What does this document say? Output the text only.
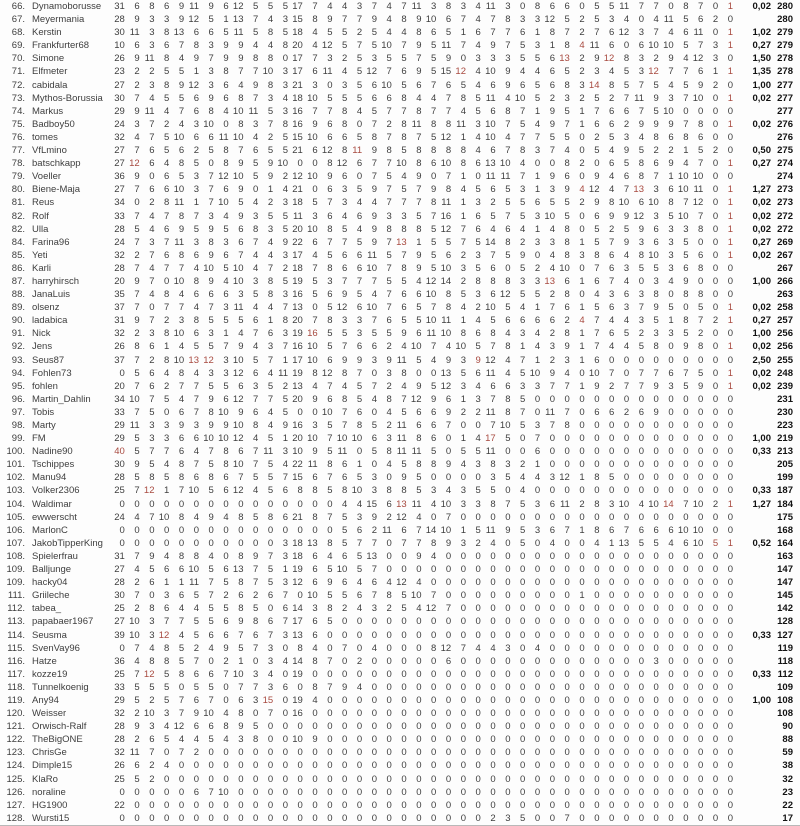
66. Dynamoborusse	31	6	8	6	9 11	9	6 12	5	5	5 17	7	4	4	3	7	4	7 11	3	8	3	4 11	3	0	8	6	6	0	5	5 11	7	7	0	8	7	0	1	0,02 280
67. Meyermania	28	9	3	3	9 12	5	1 13	7	4	3 15	8	9	7	7	9	4	8	9 10	6	7	4	7	8	3	3 12	5	2	5	3	4	0	4 11	5	6	2	0	280
68. Kerstin	30 11	3	8 13	6	6	5 11	5	8	5 18	4	5	5	2	5	4	4	8	6	5	1	6	7	7	6	1	8	7	2	7	6 12	3	7	4	6 11	0	1	1,02 279
69. Frankfurter68	10	6	3	6	7	8	3	9	9	4	4	8 20	4 12	5	7	5 10	7	9	5 11	7	4	9	7	5	3	1	8	4 11	6	0	6 10 10	5	7	3	1	0,27 279
70. Simone	26	9 11	8	4	9	7	9	9	8	8	0 17	7	3	2	5	3	5	5	7	5	9	0	3	3	3	5	5	6 13	2	9 12	8	3	2	9	4 12	3	0	1,50 278
71. Elfmeter	23	2	2	5	5	1	3	8	7	7 10	3 17	6 11	4	5 12	7	6	9	5 15 12	4 10	9	4	4	6	5	2	3	4	5	3 12	7	7	6	1	1	1,35 278
72. cabidala	27	2	3	8	9 12	3	6	4	9	8	3 21	3	0	3	5	6 10	5	6	7	6	5	4	6	9	6	5	6	8	3 14	8	5	7	5	4	5	9	2	0	1,00 277
73. Mythos-Borussia	30	7	4	5	5	6	9	6	8	7	3	4 18 10	5	5	5	6	6	8	4	4	7	8	5 11	4 10	5	2	3	2	5	2	7 11	9	3	7 10	0	1	0,02 277
74. Markus	29	9 11	4	7	6	8	4 10 11	5	3 16	7	7	8	4	5	7	7	8	7	7	4	5	6	8	7	1	9	5	1	7	6	6	7	5 10	0	0	0	0	277
75. Badboy50	24	3	7	2	4	3 10	0	8	3	7	8 16	9	6	8	0	7	2	8 11	8	8 11	3 10	7	5	4	9	7	1	6	6	2	9	9	9	7	8	0	1	0,02 276
76. tomes	32	4	7	5 10	6	6 11 10	4	2	5 15 10	6	6	5	8	7	8	7	5 12	1	4 10	4	7	7	5	5	0	2	5	3	4	8	6	8	6	0	0	276
77. VfLmino	27	7	6	5	6	2	5	8	7	6	5	5 21	6 12	8 11	9	8	5	8	8	8	8	4	6	7	8	3	7	4	0	5	4	9	5	2	2	1	5	2	0	0,50 275
78. batschkapp	27 12	6	4	8	5	0	8	9	5	9 10	0	0	8 12	6	7	7 10	8	6 10	8	6 13 10	4	0	0	8	2	0	6	5	8	6	9	4	7	0	1	0,27 274
79. Voeller	36	9	0	6	5	3	7 12 10	5	9	2 12 10	9	6	0	7	5	4	9	0	7	1	0 11 11	7	1	9	6	0	9	4	6	8	7	1 10 10	0	0	274
80. Biene-Maja	27	7	6	6 10	3	7	6	9	0	1	4 21	0	6	3	5	9	7	5	7	9	8	4	5	6	5	3	1	3	9	4 12	4	7 13	3	6 10 11	0	1	1,27 273
81. Reus	34	0	2	8 11	1	7 10	5	4	2	3 18	5	7	3	4	4	7	7	7	8 11	1	3	2	5	5	6	5	5	2	9	8 10	6 10	8	7 12	0	1	0,02 273
82. Rolf	33	7	4	7	8	7	3	4	9	3	5	5 11	3	6	4	6	9	3	3	5	7 16	1	6	5	7	5	3 10	5	0	6	9	9 12	3	5 10	7	0	1	0,02 272
82. Ulla	28	5	4	6	9	5	9	5	6	8	3	5 20 10	8	5	4	9	8	8	8	5 12	7	6	4	6	4	1	4	8	0	5	2	5	9	6	3	3	8	0	1	0,02 272
84. Farina96	24	7	3	7 11	3	8	3	6	7	4	9 22	6	7	7	5	9	7 13	1	5	5	7	5 14	8	2	3	3	8	1	5	7	9	3	6	3	5	0	0	1	0,27 269
85. Yeti	32	2	7	6	8	6	9	6	7	4	4	3 17	4	5	6	6 11	5	7	9	5	6	2	3	7	5	9	0	4	8	3	8	6	4	8 10	3	5	6	0	1	0,02 267
86. Karli	28	7	4	7	7	4 10	5 10	4	7	2 18	7	8	6	6 10	7	8	9	5 10	3	5	6	0	5	2	4 10	0	7	6	3	5	5	3	6	8	0	0	267
87. harryhirsch	20	9	7	0 10	8	9	4 10	3	8	5 19	5	3	7	7	7	5	5	4 12 14	2	8	8	8	3	3 13	6	1	6	7	4	0	3	4	9	0	0	0	1,00 266
88. JanaLuis	35	7	4	8	4	6	6	6	3	5	8	3 16	5	6	9	5	4	7	6	6 10	8	5	3	6 12	5	5	2	8	0	4	3	6	3	8	0	8	8	0	0	263
89. olsenz	37	7	0	7	7	4	7	3 11	4	4	7 13	0	5 12	6 10	7	6	5	7	8	4	2 10	5	4	1	7	6	1	5	6	3	7	9	5	0	5	0	1	0,02 258
90. ladabica	31	9	7	2	3	8	5	5	5	6	1	8 20	7	8	3	3	7	6	5	5 10 11	1	4	5	6	6	6	6	2	4	7	4	4	3	5	1	8	7	2	1	0,27 257
91. Nick	32	2	3	8 10	6	3	1	4	7	6	3 19 16	5	5	3	5	5	9	6 11 10	8	6	8	4	3	4	2	8	1	7	6	5	2	3	3	5	2	0	0	1,00 256
92. Jens	26	8	6	1	4	5	5	7	9	4	3	7 16 10	5	7	6	6	2	4 10	7	4 10	5	7	8	1	4	3	9	1	7	4	4	5	8	0	9	8	0	1	0,02 256
93. Seus87	37	7	2	8 10 13 12	3 10	5	7	1 17 10	6	9	9	3	9 11	5	4	9	3	9 12	4	7	1	2	3	1	6	0	0	0	0	0	0	0	0	0	2,50 255
94. Fohlen73	0	5	6	4	8	4	3	3 12	6	4 11 19	8 12	8	7	0	3	8	0	0 13	5	6 11	4	5 10	9	4	0 10	7	0	7	7	6	7	5	0	1	0,02 248
95. fohlen	20	7	6	2	7	7	5	5	6	3	5	2 13	4	7	4	5	7	2	4	9	5 12	3	4	6	6	3	3	7	7	1	9	2	7	7	9	3	5	9	0	1	0,02 239
96. Martin_Dahlin	34 10	7	5	4	7	9	6 12	7	7	5 20	9	6	8	5	4	8	7 12	9	6	1	3	7	8	5	0	0	0	0	0	0	0	0	0	0	0	0	0	0	231
97. Tobis	33	7	5	0	6	7	8 10	9	6	4	5	0	0 10	7	6	0	4	5	6	6	9	2	2 11	8	7	0 11	7	0	6	6	2	6	9	0	0	0	0	0	230
98. Marty	29 11	3	3	9	3	9	9 10	8	4	9 16	3	5	7	8	5	2 11	6	6	7	0	0	7 10	5	3	7	8	0	0	0	0	0	0	0	0	0	0	0	223
99. FM	29	5	3	3	6	6 10 10 12	4	5	1 20 10	7 10 10	6	3 11	8	6	0	1	4 17	5	0	7	0	0	0	0	0	0	0	0	0	0	0	0	0	1,00 219
100. Nadine90	40	5	7	7	6	4	7	8	6	7 11	3 10	9	5 11	0	5	8 11 11	5	0	5	5 11	0	0	6	0	0	0	0	0	0	0	0	0	0	0	0	0	0,33 213
101. Tschippes	30	9	5	4	8	7	5	8 10	7	5	4 22 11	8	6	1	0	4	5	8	8	9	4	3	8	3	2	1	0	0	0	0	0	0	0	0	0	0	0	0	0	205
102. Manu94	28	5	8	5	8	6	8	6	7	5	5	7 15	6	7	6	5	3	0	9	5	0	0	0	0	3	5	4	4	3 12	1	8	5	0	0	0	0	0	0	0	0	199
103. Volker2306	25	7 12	1	7 10	5	6 12	4	5	6	8	8	5	8 10	3	8	8	5	3	4	3	5	5	0	4	0	0	0	0	0	0	0	0	0	0	0	0	0	0	0,33 187
104. Waldimar	0	0	0	0	0	0	0	0	0	0	0	0	0	0	0	4	4 15	6 13 11	4 10	3	3	8	7	5	3	6 11	2	8	3 10	4 10 14	7 10	2	1	1,27 184
105. ewwerscht	24	4	7 10	8	4	9	4	8	5	8	6 21	8	7	5	3	9	2 12	4	0	7	0	0	0	0	0	0	0	0	0	0	0	0	0	0	0	0	0	0	0	175
106. MarlonC	0	0	0	0	0	0	0	0	0	0	0	0	0	0	0	5	6	2 11	6	7 14 10	1	5 11	9	5	3	6	7	1	8	6	7	6	6	6 10 10	0	0	168
107. JakobTipperKing	0	0	0	0	0	0	0	0	0	0	0	3 18 13	8	5	7	7	0	7	7	8	9	3	2	4	0	5	0	4	0	0	4	1 13	5	5	4	6 10	5	1	0,52 164
108. Spielerfrau	31	7	9	4	8	8	4	0	8	9	7	3 18	6	4	6	5 13	0	0	9	4	0	0	0	0	0	0	0	0	0	0	0	0	0	0	0	0	0	0	0	0	163
109. Balljunge	27	4	5	6	6 10	5	6 13	7	5	1 19	6	5 10	5	7	0	0	0	0	0	0	0	0	0	0	0	0	0	0	0	0	0	0	0	0	0	0	0	0	147
109. hacky04	28	2	6	1	1 11	7	5	8	7	5	3 12	6	9	6	4	6	4 12	4	0	0	0	0	0	0	0	0	0	0	0	0	0	0	0	0	0	0	0	0	0	147
111. Griileche	30	7	0	3	6	5	7	2	6	2	6	7	0 10	5	5	6	7	8	5 10	7	0	0	0	0	0	0	0	0	0	1	0	0	0	0	0	0	0	0	0	0	145
112. tabea_	25	2	8	6	4	4	5	5	8	5	0	6 14	3	8	2	4	3	2	5	4 12	7	0	0	0	0	0	0	0	0	0	0	0	0	0	0	0	0	0	0	0	142
113. papabaer1967	27 10	3	7	7	5	5	6	9	8	6	7 17	6	5	0	0	0	0	0	0	0	0	0	0	0	0	0	0	0	0	0	0	0	0	0	0	0	0	0	0	0	128
114. Seusma	39 10	3 12	4	5	6	6	7	6	7	3 13	6	0	0	0	0	0	0	0	0	0	0	0	0	0	0	0	0	0	0	0	0	0	0	0	0	0	0	0	0	0,33 127
115. SvenVay96	0	7	4	8	5	2	4	9	5	7	3	0	8	4	0	7	0	4	0	0	0	8 12	7	4	4	3	0	4	0	0	0	0	0	0	0	0	0	0	0	0	0	119
116. Hatze	36	4	8	8	5	7	0	2	1	0	3	4 14	8	7	0	2	0	0	0	0	0	6	0	0	0	0	0	0	0	0	0	0	0	0	0	3	0	0	0	0	0	118
117. kozze19	25	7 12	5	8	6	6	7 10	3	4	0 19	0	0	0	0	0	0	0	0	0	0	0	0	0	0	0	0	0	0	0	0	0	0	0	0	0	0	0	0	0	0,33 112
118. Tunnelkoenig	33	5	5	5	0	5	5	0	7	7	3	6	0	8	7	9	4	0	0	0	0	0	0	0	0	0	0	0	0	0	0	0	0	0	0	0	0	0	0	0	0	0	109
119. Any94	29	5	2	5	7	6	7	0	6	3 15	0 19	4	0	0	0	0	0	0	0	0	0	0	0	0	0	0	0	0	0	0	0	0	0	0	0	0	0	0	0	0	1,00 108
120. Weisser	32	2 10	3	7	9 10	4	8	0	7	0 16	0	0	0	0	0	0	0	0	0	0	0	0	0	0	0	0	0	0	0	0	0	0	0	0	0	0	0	0	0	108
121. Orwisch-Ralf	28	9	3	4 12	6	6	8	9	5	0	0	0	0	0	0	0	0	0	0	0	0	0	0	0	0	0	0	0	0	0	0	0	0	0	0	0	0	0	0	0	0	90
122. TheBigONE	28	2	6	5	4	4	5	4	3	8	0	0 10	9	0	0	0	0	0	0	0	0	0	0	0	0	0	0	0	0	0	0	0	0	0	0	0	0	0	0	0	0	88
123. ChrisGe	32 11	7	0	7	2	0	0	0	0	0	0	0	0	0	0	0	0	0	0	0	0	0	0	0	0	0	0	0	0	0	0	0	0	0	0	0	0	0	0	0	0	59
124. Dimple15	26	6	2	4	0	0	0	0	0	0	0	0	0	0	0	0	0	0	0	0	0	0	0	0	0	0	0	0	0	0	0	0	0	0	0	0	0	0	0	0	0	0	38
125. KlaRo	25	5	2	0	0	0	0	0	0	0	0	0	0	0	0	0	0	0	0	0	0	0	0	0	0	0	0	0	0	0	0	0	0	0	0	0	0	0	0	0	0	0	32
126. noraline	0	0	0	0	0	6	7 10	0	0	0	0	0	0	0	0	0	0	0	0	0	0	0	0	0	0	0	0	0	0	0	0	0	0	0	0	0	0	0	0	0	0	23
127. HG1900	22	0	0	0	0	0	0	0	0	0	0	0	0	0	0	0	0	0	0	0	0	0	0	0	0	0	0	0	0	0	0	0	0	0	0	0	0	0	0	0	0	0	22
128. Wursti15	0	0	0	0	0	0	0	0	0	0	0	0	0	0	0	0	0	0	0	0	0	0	0	0	0	2	3	5	0	0	7	0	0	0	0	0	0	0	0	0	0	0	17
